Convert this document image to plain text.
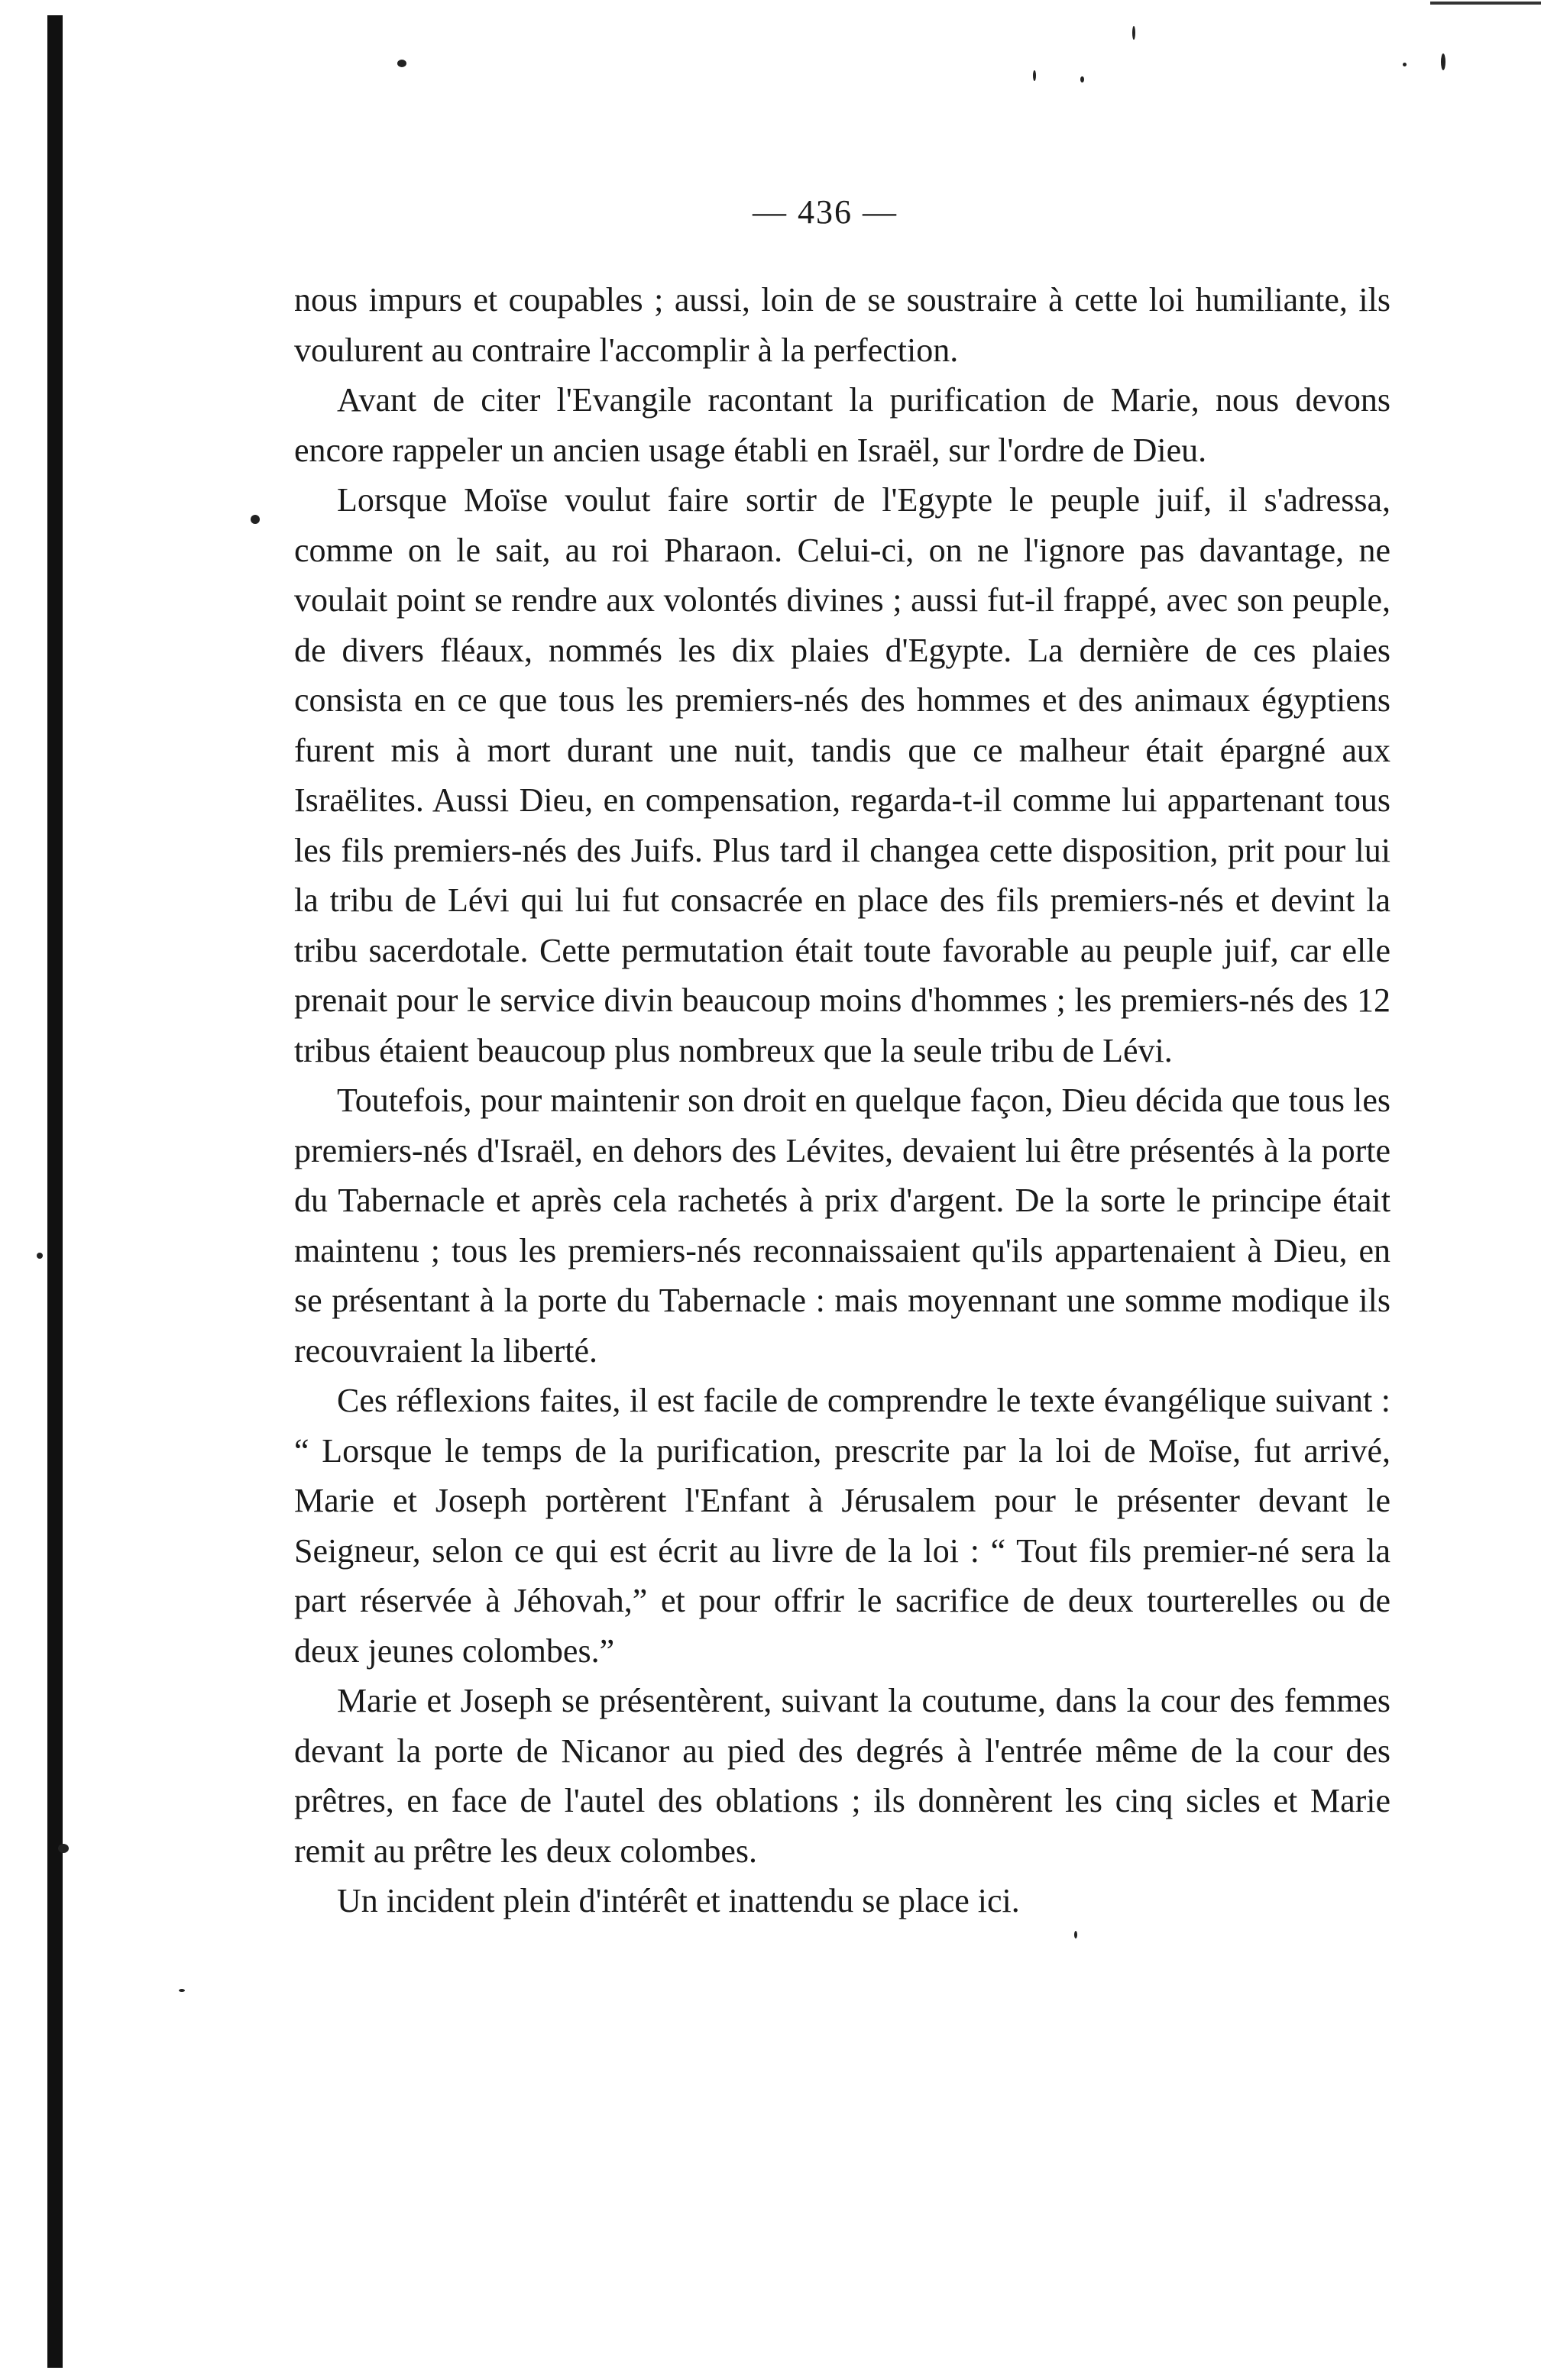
— 436 —

nous impurs et coupables ; aussi, loin de se soustraire à cette loi humiliante, ils voulurent au contraire l'accomplir à la perfection.

Avant de citer l'Evangile racontant la purification de Marie, nous devons encore rappeler un ancien usage établi en Israël, sur l'ordre de Dieu.

Lorsque Moïse voulut faire sortir de l'Egypte le peuple juif, il s'adressa, comme on le sait, au roi Pharaon. Celui-ci, on ne l'ignore pas davantage, ne voulait point se rendre aux volontés divines ; aussi fut-il frappé, avec son peuple, de divers fléaux, nommés les dix plaies d'Egypte. La dernière de ces plaies consista en ce que tous les premiers-nés des hommes et des animaux égyptiens furent mis à mort durant une nuit, tandis que ce malheur était épargné aux Israëlites. Aussi Dieu, en compensation, regarda-t-il comme lui appartenant tous les fils premiers-nés des Juifs. Plus tard il changea cette disposition, prit pour lui la tribu de Lévi qui lui fut consacrée en place des fils premiers-nés et devint la tribu sacerdotale. Cette permutation était toute favorable au peuple juif, car elle prenait pour le service divin beaucoup moins d'hommes ; les premiers-nés des 12 tribus étaient beaucoup plus nombreux que la seule tribu de Lévi.

Toutefois, pour maintenir son droit en quelque façon, Dieu décida que tous les premiers-nés d'Israël, en dehors des Lévites, devaient lui être présentés à la porte du Tabernacle et après cela rachetés à prix d'argent. De la sorte le principe était maintenu ; tous les premiers-nés reconnaissaient qu'ils appartenaient à Dieu, en se présentant à la porte du Tabernacle : mais moyennant une somme modique ils recouvraient la liberté.

Ces réflexions faites, il est facile de comprendre le texte évangélique suivant : “ Lorsque le temps de la purification, prescrite par la loi de Moïse, fut arrivé, Marie et Joseph portèrent l'Enfant à Jérusalem pour le présenter devant le Seigneur, selon ce qui est écrit au livre de la loi : “ Tout fils premier-né sera la part réservée à Jéhovah,” et pour offrir le sacrifice de deux tourterelles ou de deux jeunes colombes.”

Marie et Joseph se présentèrent, suivant la coutume, dans la cour des femmes devant la porte de Nicanor au pied des degrés à l'entrée même de la cour des prêtres, en face de l'autel des oblations ; ils donnèrent les cinq sicles et Marie remit au prêtre les deux colombes.

Un incident plein d'intérêt et inattendu se place ici.
